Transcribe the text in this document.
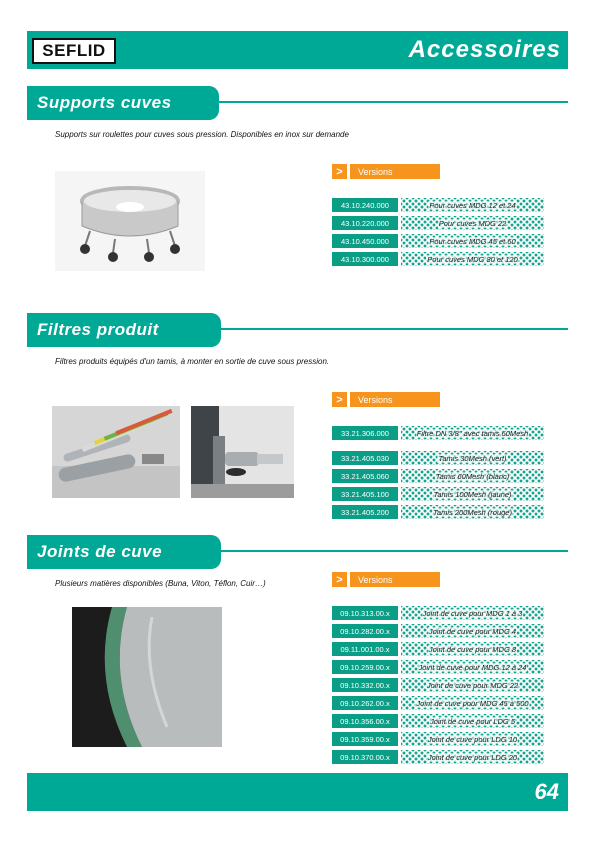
SEFLID	Accessoires
Supports cuves
Supports sur roulettes pour cuves sous pression. Disponibles en inox sur demande
>	Versions
43.10.240.000	Pour cuves MDG 12 et 24
43.10.220.000	Pour cuves MDG 22
43.10.450.000	Pour cuves MDG 45 et 60
43.10.300.000	Pour cuves MDG 80 et 120
Filtres produit
Filtres produits équipés d'un tamis, à monter en sortie de cuve sous pression.
>	Versions
33.21.306.000	Filtre DN 3/8" avec tamis 60Mesh
33.21.405.030	Tamis 30Mesh (vert)
33.21.405.060	Tamis 60Mesh (blanc)
33.21.405.100	Tamis 100Mesh (jaune)
33.21.405.200	Tamis 200Mesh (rouge)
Joints de cuve
Plusieurs matières disponibles (Buna, Viton, Téflon, Cuir…)	>	Versions
09.10.313.00.x	Joint de cuve pour MDG 1 à 3
09.10.282.00.x	Joint de cuve pour MDG 4
09.11.001.00.x	Joint de cuve pour MDG 8
09.10.259.00.x	Joint de cuve pour MDG 12 à 24
09.10.332.00.x	Joint de cuve pour MDG 22
09.10.262.00.x	Joint de cuve pour MDG 45 à 500
09.10.356.00.x	Joint de cuve pour LDG 5
09.10.359.00.x	Joint de cuve pour LDG 10
09.10.370.00.x	Joint de cuve pour LDG 20
64
